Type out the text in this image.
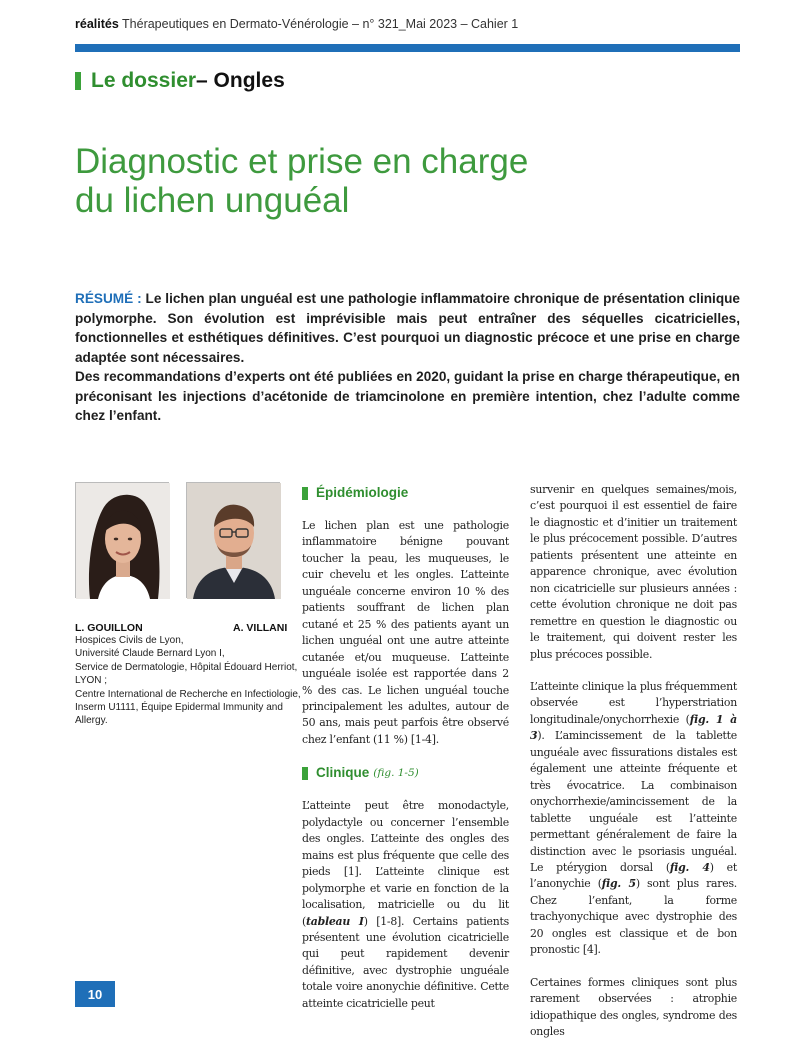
réalités Thérapeutiques en Dermato-Vénérologie – n° 321_Mai 2023 – Cahier 1
Le dossier – Ongles
Diagnostic et prise en charge
du lichen unguéal

RÉSUMÉ : Le lichen plan unguéal est une pathologie inflammatoire chronique de présentation clinique polymorphe. Son évolution est imprévisible mais peut entraîner des séquelles cicatricielles, fonctionnelles et esthétiques définitives. C’est pourquoi un diagnostic précoce et une prise en charge adaptée sont nécessaires.

Des recommandations d’experts ont été publiées en 2020, guidant la prise en charge thérapeutique, en préconisant les injections d’acétonide de triamcinolone en première intention, chez l’adulte comme chez l’enfant.

L. GOUILLON	A. VILLANI
Hospices Civils de Lyon,
Université Claude Bernard Lyon I,
Service de Dermatologie, Hôpital Édouard Herriot,
LYON ;
Centre International de Recherche en Infectiologie,
Inserm U1111, Équipe Epidermal Immunity and
Allergy.
Épidémiologie

Le lichen plan est une pathologie inflammatoire bénigne pouvant toucher la peau, les muqueuses, le cuir chevelu et les ongles. L’atteinte unguéale concerne environ 10 % des patients souffrant de lichen plan cutané et 25 % des patients ayant un lichen unguéal ont une autre atteinte cutanée et/ou muqueuse. L’atteinte unguéale isolée est rapportée dans 2 % des cas. Le lichen unguéal touche principalement les adultes, autour de 50 ans, mais peut parfois être observé chez l’enfant (11 %) [1-4].

Clinique (fig. 1-5)

L’atteinte peut être monodactyle, polydactyle ou concerner l’ensemble des ongles. L’atteinte des ongles des mains est plus fréquente que celle des pieds [1]. L’atteinte clinique est polymorphe et varie en fonction de la localisation, matricielle ou du lit (tableau I) [1-8]. Certains patients présentent une évolution cicatricielle qui peut rapidement devenir définitive, avec dystrophie unguéale totale voire anonychie définitive. Cette atteinte cicatricielle peut

survenir en quelques semaines/mois, c’est pourquoi il est essentiel de faire le diagnostic et d’initier un traitement le plus précocement possible. D’autres patients présentent une atteinte en apparence chronique, avec évolution non cicatricielle sur plusieurs années : cette évolution chronique ne doit pas remettre en question le diagnostic ou le traitement, qui doivent rester les plus précoces possible.

L’atteinte clinique la plus fréquemment observée est l’hyperstriation longitudinale/onychorrhexie (fig. 1 à 3). L’amincissement de la tablette unguéale avec fissurations distales est également une atteinte fréquente et très évocatrice. La combinaison onychorrhexie/amincissement de la tablette unguéale est l’atteinte permettant généralement de faire la distinction avec le psoriasis unguéal. Le ptérygion dorsal (fig. 4) et l’anonychie (fig. 5) sont plus rares. Chez l’enfant, la forme trachyonychique avec dystrophie des 20 ongles est classique et de bon pronostic [4].

Certaines formes cliniques sont plus rarement observées : atrophie idiopathique des ongles, syndrome des ongles

10
